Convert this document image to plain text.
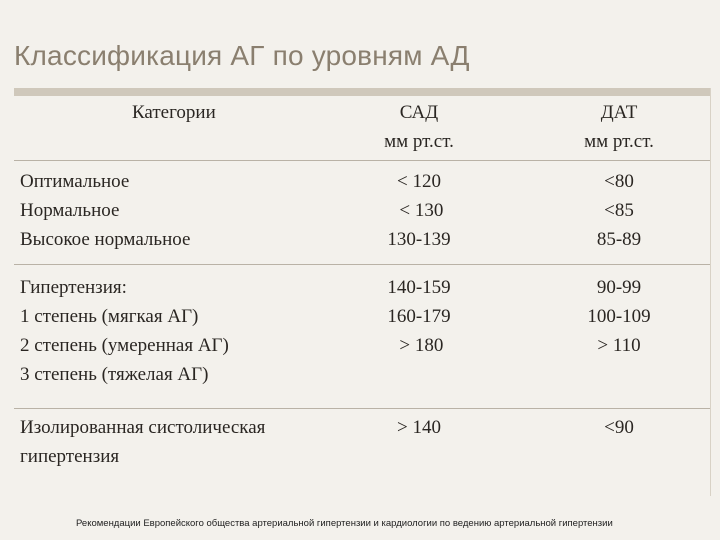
Классификация АГ по уровням АД
Категории	САД
мм рт.ст.
ДАТ
мм рт.ст.
Оптимальное
Нормальное
Высокое нормальное
< 120
< 130
130-139
<80
<85
85-89
Гипертензия:
1 степень (мягкая АГ)
2 степень (умеренная АГ)
3 степень (тяжелая АГ)
140-159
160-179
> 180
90-99
100-109
> 110
Изолированная систолическая
гипертензия
> 140	<90
Рекомендации Европейского общества артериальной гипертензии и кардиологии по ведению артериальной гипертензии
